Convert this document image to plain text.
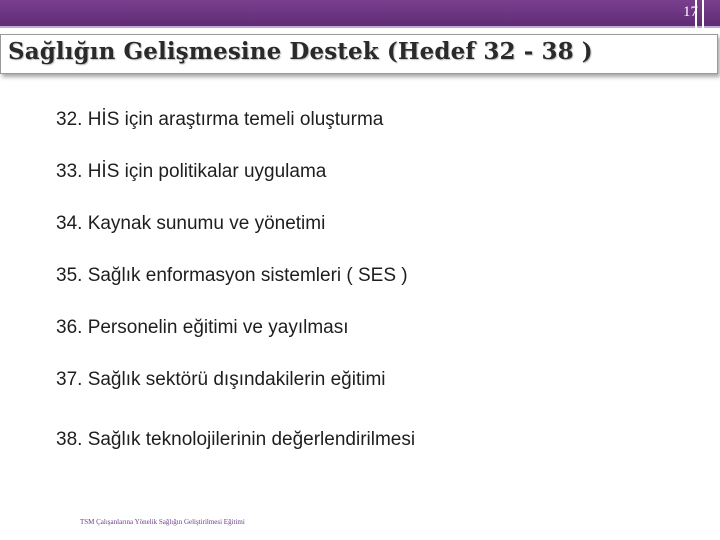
17
Sağlığın Gelişmesine Destek (Hedef 32 - 38 )
32. HİS için araştırma temeli oluşturma
33. HİS için politikalar uygulama
34. Kaynak sunumu ve yönetimi
35. Sağlık enformasyon sistemleri ( SES )
36. Personelin eğitimi ve yayılması
37. Sağlık sektörü dışındakilerin eğitimi
38. Sağlık teknolojilerinin değerlendirilmesi
TSM Çalışanlarına Yönelik Sağlığın Geliştirilmesi Eğitimi
